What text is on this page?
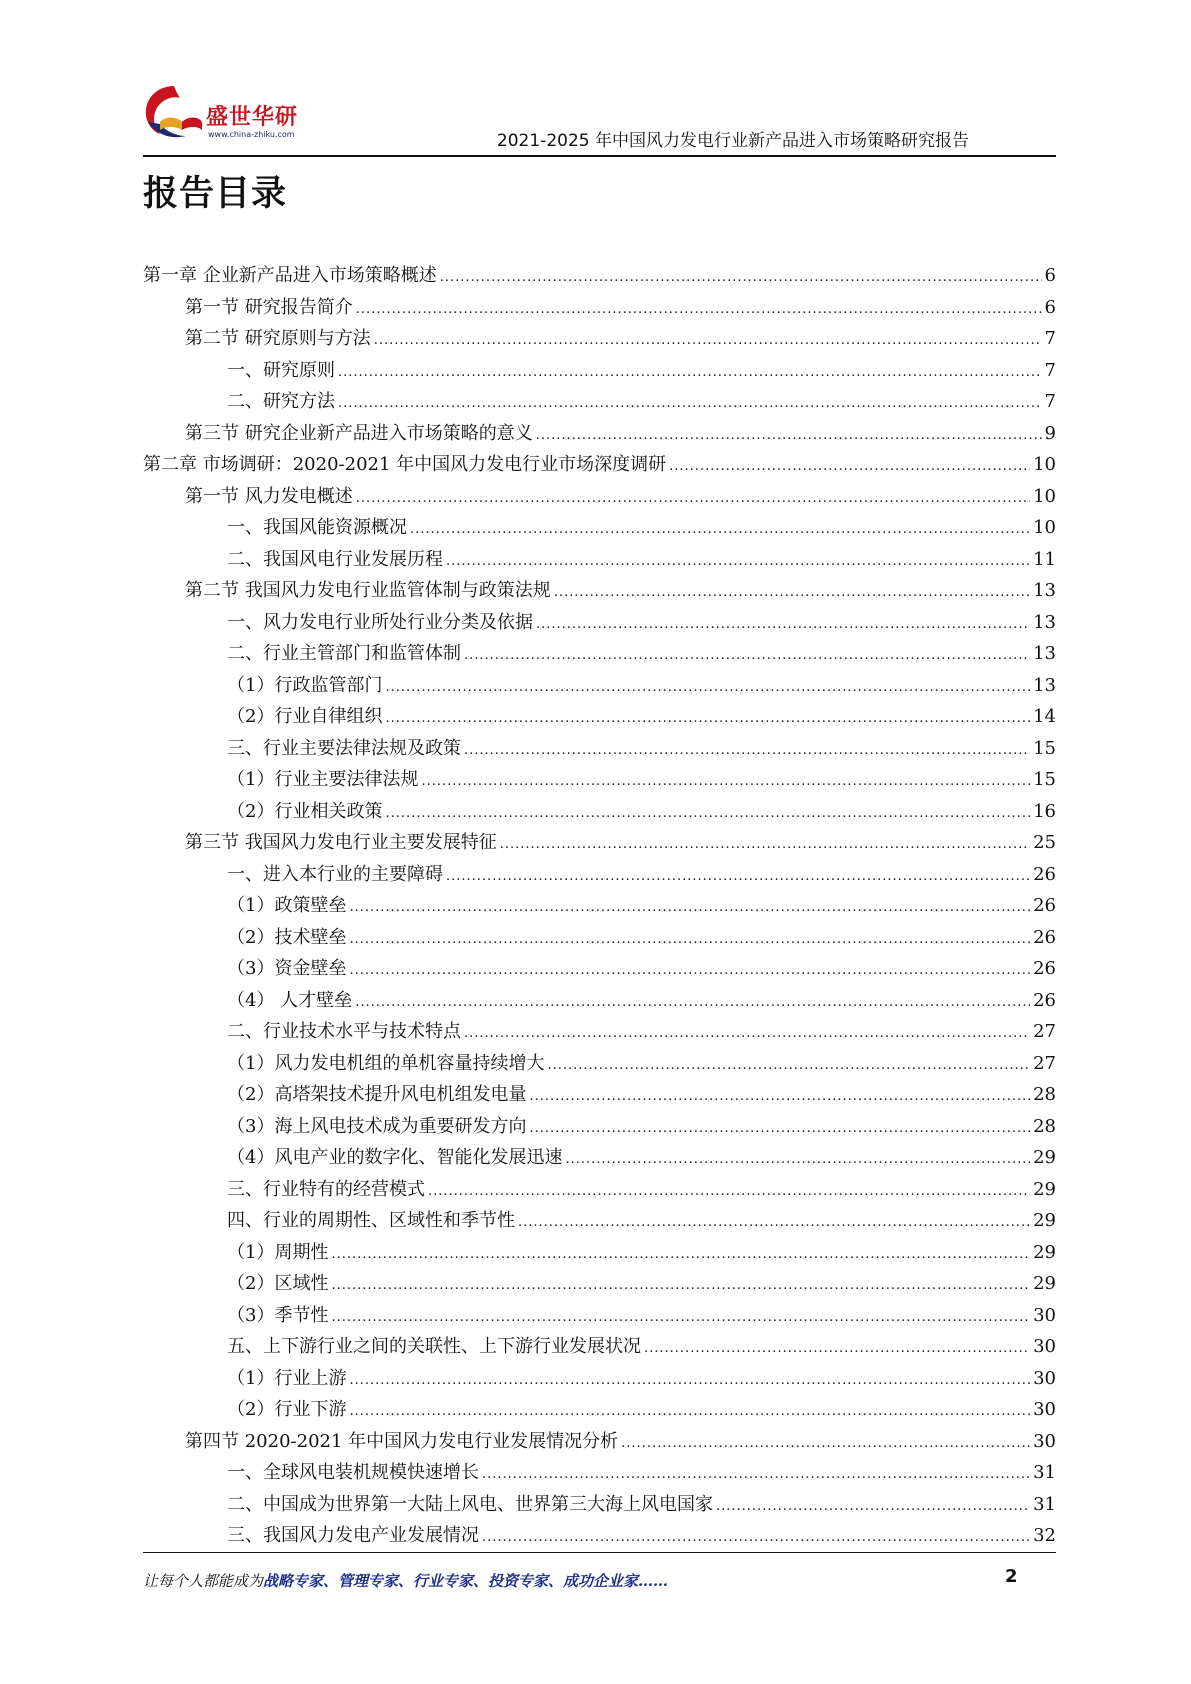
盛世华研
www.china-zhiku.com	2021-2025 年中国风力发电行业新产品进入市场策略研究报告
报告目录
第一章 企业新产品进入市场策略概述 .....	6
第一节 研究报告简介 .....	6
第二节 研究原则与方法 .....	7
一、研究原则 .....	7
二、研究方法 .....	7
第三节 研究企业新产品进入市场策略的意义 .....	9
第二章 市场调研：2020-2021 年中国风力发电行业市场深度调研 .....	10
第一节 风力发电概述 .....	10
一、我国风能资源概况 .....	10
二、我国风电行业发展历程 .....	11
第二节 我国风力发电行业监管体制与政策法规 .....	13
一、风力发电行业所处行业分类及依据 .....	13
二、行业主管部门和监管体制 .....	13
（1）行政监管部门 .....	13
（2）行业自律组织 .....	14
三、行业主要法律法规及政策 .....	15
（1）行业主要法律法规 .....	15
（2）行业相关政策 .....	16
第三节 我国风力发电行业主要发展特征 .....	25
一、进入本行业的主要障碍 .....	26
（1）政策壁垒 .....	26
（2）技术壁垒 .....	26
（3）资金壁垒 .....	26
（4） 人才壁垒 .....	26
二、行业技术水平与技术特点 .....	27
（1）风力发电机组的单机容量持续增大 .....	27
（2）高塔架技术提升风电机组发电量 .....	28
（3）海上风电技术成为重要研发方向 .....	28
（4）风电产业的数字化、智能化发展迅速 .....	29
三、行业特有的经营模式 .....	29
四、行业的周期性、区域性和季节性 .....	29
（1）周期性 .....	29
（2）区域性 .....	29
（3）季节性 .....	30
五、上下游行业之间的关联性、上下游行业发展状况 .....	30
（1）行业上游 .....	30
（2）行业下游 .....	30
第四节 2020-2021 年中国风力发电行业发展情况分析 .....	30
一、全球风电装机规模快速增长 .....	31
二、中国成为世界第一大陆上风电、世界第三大海上风电国家 .....	31
三、我国风力发电产业发展情况 .....	32
让每个人都能成为战略专家、管理专家、行业专家、投资专家、成功企业家……	2
